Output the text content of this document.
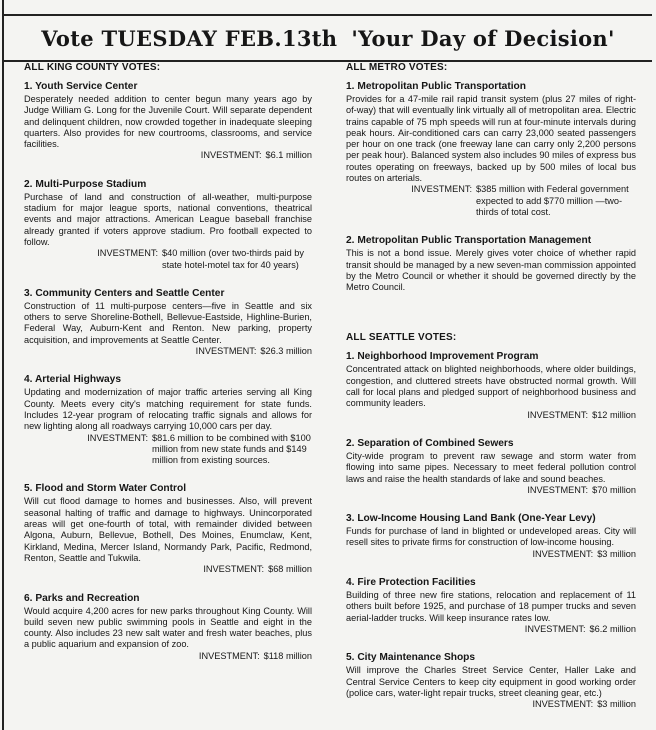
Vote TUESDAY FEB.13th 'Your Day of Decision'
ALL KING COUNTY VOTES:
1. Youth Service Center

Desperately needed addition to center begun many years ago by Judge William G. Long for the Juvenile Court. Will separate dependent and delinquent children, now crowded together in inadequate sleeping quarters. Also provides for new courtrooms, classrooms, and service facilities.

INVESTMENT: $6.1 million
2. Multi-Purpose Stadium

Purchase of land and construction of all-weather, multi-purpose stadium for major league sports, national conventions, theatrical events and major attractions. American League baseball franchise already granted if voters approve stadium. Pro football expected to follow.

INVESTMENT: $40 million (over two-thirds paid by state hotel-motel tax for 40 years)
3. Community Centers and Seattle Center

Construction of 11 multi-purpose centers—five in Seattle and six others to serve Shoreline-Bothell, Bellevue-Eastside, Highline-Burien, Federal Way, Auburn-Kent and Renton. New parking, property acquisition, and improvements at Seattle Center.

INVESTMENT: $26.3 million
4. Arterial Highways

Updating and modernization of major traffic arteries serving all King County. Meets every city's matching requirement for state funds. Includes 12-year program of relocating traffic signals and allows for new lighting along all roadways carrying 10,000 cars per day.

INVESTMENT: $81.6 million to be combined with $100 million from new state funds and $149 million from existing sources.
5. Flood and Storm Water Control

Will cut flood damage to homes and businesses. Also, will prevent seasonal halting of traffic and damage to highways. Unincorporated areas will get one-fourth of total, with remainder divided between Algona, Auburn, Bellevue, Bothell, Des Moines, Enumclaw, Kent, Kirkland, Medina, Mercer Island, Normandy Park, Pacific, Redmond, Renton, Seattle and Tukwila.

INVESTMENT: $68 million
6. Parks and Recreation

Would acquire 4,200 acres for new parks throughout King County. Will build seven new public swimming pools in Seattle and eight in the county. Also includes 23 new salt water and fresh water beaches, plus a public aquarium and expansion of zoo.

INVESTMENT: $118 million
ALL METRO VOTES:
1. Metropolitan Public Transportation

Provides for a 47-mile rail rapid transit system (plus 27 miles of right-of-way) that will eventually link virtually all of metropolitan area. Electric trains capable of 75 mph speeds will run at four-minute intervals during peak hours. Air-conditioned cars can carry 23,000 seated passengers per hour on one track (one freeway lane can carry only 2,200 persons per peak hour). Balanced system also includes 90 miles of express bus routes operating on freeways, backed up by 500 miles of local bus routes on arterials.

INVESTMENT: $385 million with Federal government expected to add $770 million —two-thirds of total cost.
2. Metropolitan Public Transportation Management

This is not a bond issue. Merely gives voter choice of whether rapid transit should be managed by a new seven-man commission appointed by the Metro Council or whether it should be governed directly by the Metro Council.

ALL SEATTLE VOTES:
1. Neighborhood Improvement Program

Concentrated attack on blighted neighborhoods, where older buildings, congestion, and cluttered streets have obstructed normal growth. Will call for local plans and pledged support of neighborhood business and community leaders.

INVESTMENT: $12 million
2. Separation of Combined Sewers

City-wide program to prevent raw sewage and storm water from flowing into same pipes. Necessary to meet federal pollution control laws and raise the health standards of lake and sound beaches.

INVESTMENT: $70 million
3. Low-Income Housing Land Bank (One-Year Levy)

Funds for purchase of land in blighted or undeveloped areas. City will resell sites to private firms for construction of low-income housing.

INVESTMENT: $3 million
4. Fire Protection Facilities

Building of three new fire stations, relocation and replacement of 11 others built before 1925, and purchase of 18 pumper trucks and seven aerial-ladder trucks. Will keep insurance rates low.

INVESTMENT: $6.2 million
5. City Maintenance Shops

Will improve the Charles Street Service Center, Haller Lake and Central Service Centers to keep city equipment in good working order (police cars, water-light repair trucks, street cleaning gear, etc.)

INVESTMENT: $3 million
